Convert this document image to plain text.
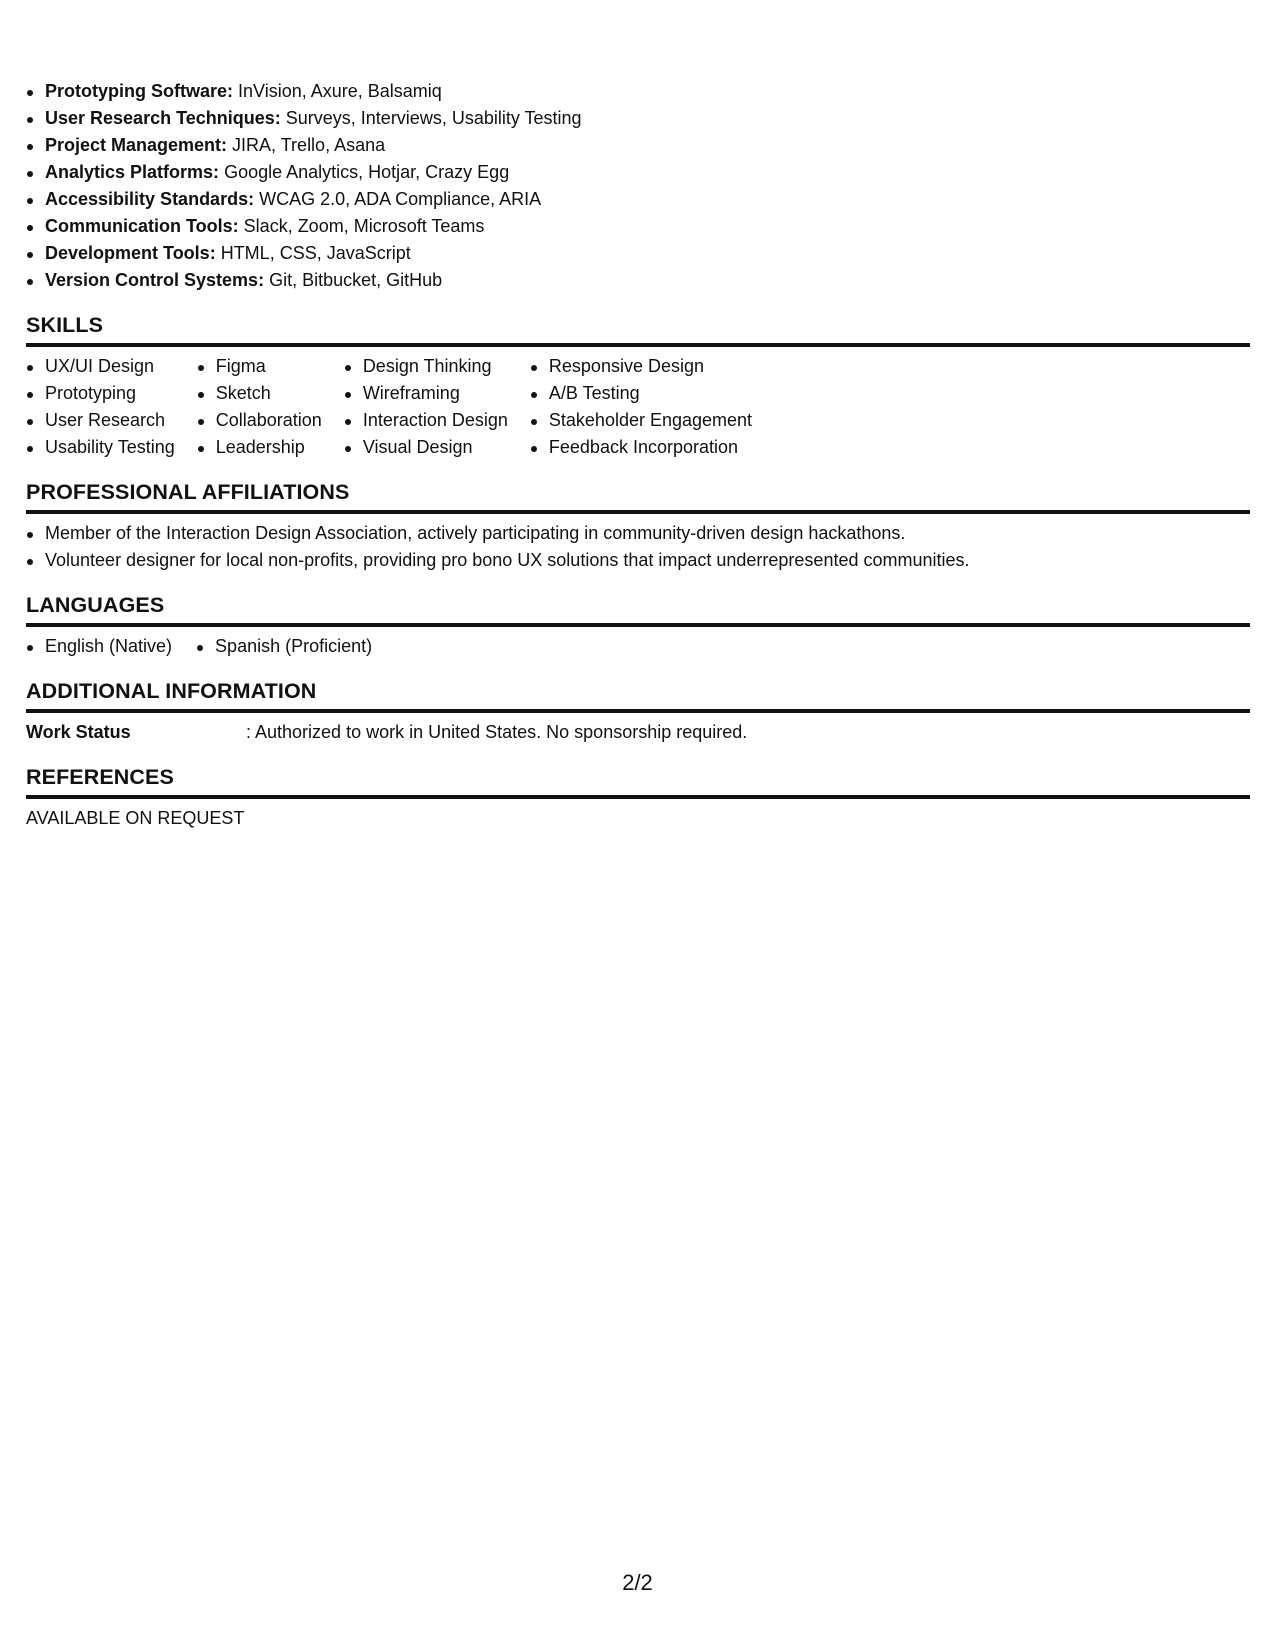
Prototyping Software: InVision, Axure, Balsamiq
User Research Techniques: Surveys, Interviews, Usability Testing
Project Management: JIRA, Trello, Asana
Analytics Platforms: Google Analytics, Hotjar, Crazy Egg
Accessibility Standards: WCAG 2.0, ADA Compliance, ARIA
Communication Tools: Slack, Zoom, Microsoft Teams
Development Tools: HTML, CSS, JavaScript
Version Control Systems: Git, Bitbucket, GitHub
SKILLS
UX/UI Design
Prototyping
User Research
Usability Testing
Figma
Sketch
Collaboration
Leadership
Design Thinking
Wireframing
Interaction Design
Visual Design
Responsive Design
A/B Testing
Stakeholder Engagement
Feedback Incorporation
PROFESSIONAL AFFILIATIONS
Member of the Interaction Design Association, actively participating in community-driven design hackathons.
Volunteer designer for local non-profits, providing pro bono UX solutions that impact underrepresented communities.
LANGUAGES
English (Native)	Spanish (Proficient)
ADDITIONAL INFORMATION
Work Status	: Authorized to work in United States. No sponsorship required.
REFERENCES
AVAILABLE ON REQUEST
2/2
